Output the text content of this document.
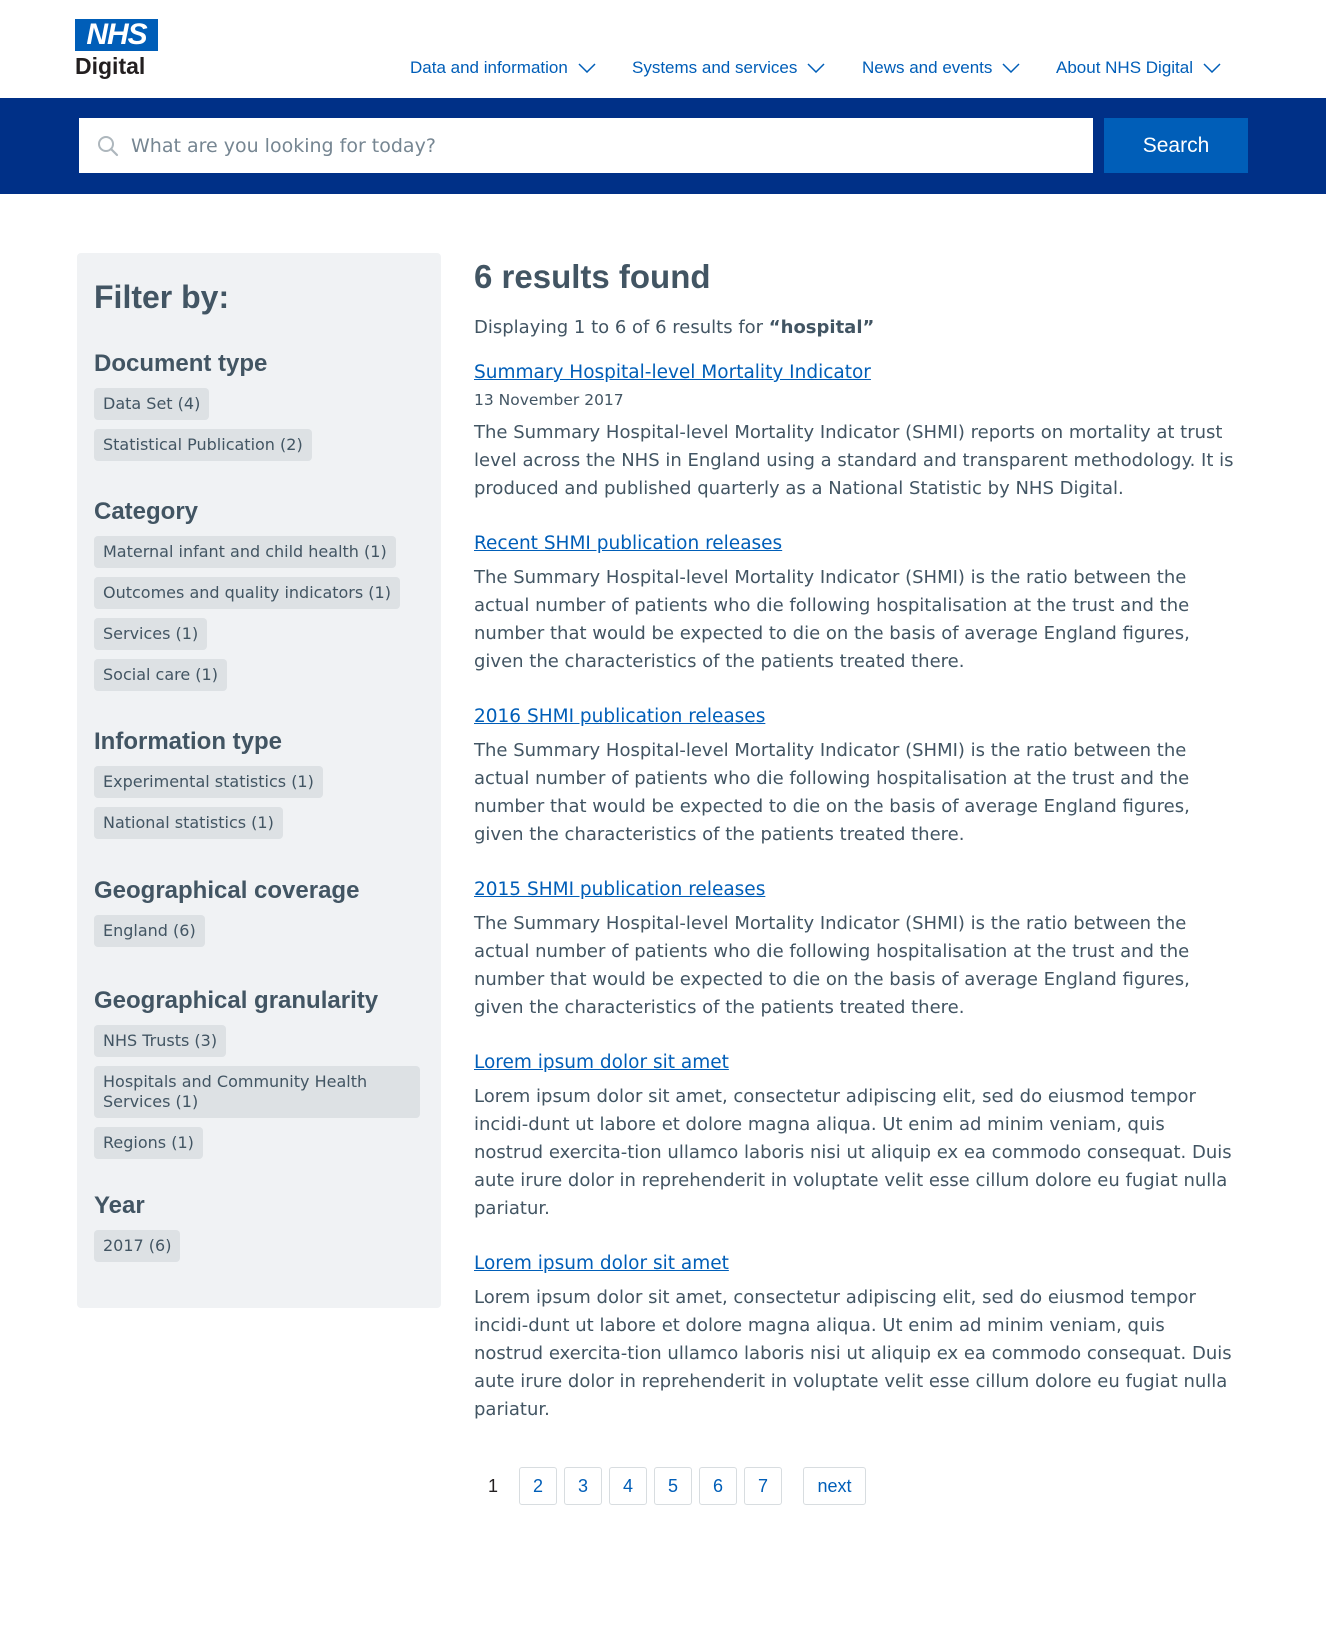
NHS
Digital	Data and information	Systems and services	News and events	About NHS Digital
What are you looking for today?
Search
Filter by:
Document type
Data Set (4)
Statistical Publication (2)
Category
Maternal infant and child health (1)
Outcomes and quality indicators (1)
Services (1)
Social care (1)
Information type
Experimental statistics (1)
National statistics (1)
Geographical coverage
England (6)
Geographical granularity
NHS Trusts (3)
Hospitals and Community Health Services (1)
Regions (1)
Year
2017 (6)
6 results found
Displaying 1 to 6 of 6 results for “hospital”
Summary Hospital-level Mortality Indicator
13 November 2017
The Summary Hospital-level Mortality Indicator (SHMI) reports on mortality at trust level across the NHS in England using a standard and transparent methodology. It is produced and published quarterly as a National Statistic by NHS Digital.
Recent SHMI publication releases
The Summary Hospital-level Mortality Indicator (SHMI) is the ratio between the actual number of patients who die following hospitalisation at the trust and the number that would be expected to die on the basis of average England figures, given the characteristics of the patients treated there.
2016 SHMI publication releases
The Summary Hospital-level Mortality Indicator (SHMI) is the ratio between the actual number of patients who die following hospitalisation at the trust and the number that would be expected to die on the basis of average England figures, given the characteristics of the patients treated there.
2015 SHMI publication releases
The Summary Hospital-level Mortality Indicator (SHMI) is the ratio between the actual number of patients who die following hospitalisation at the trust and the number that would be expected to die on the basis of average England figures, given the characteristics of the patients treated there.
Lorem ipsum dolor sit amet
Lorem ipsum dolor sit amet, consectetur adipiscing elit, sed do eiusmod tempor incidi-dunt ut labore et dolore magna aliqua. Ut enim ad minim veniam, quis nostrud exercita-tion ullamco laboris nisi ut aliquip ex ea commodo consequat. Duis aute irure dolor in reprehenderit in voluptate velit esse cillum dolore eu fugiat nulla pariatur.
Lorem ipsum dolor sit amet
Lorem ipsum dolor sit amet, consectetur adipiscing elit, sed do eiusmod tempor incidi-dunt ut labore et dolore magna aliqua. Ut enim ad minim veniam, quis nostrud exercita-tion ullamco laboris nisi ut aliquip ex ea commodo consequat. Duis aute irure dolor in reprehenderit in voluptate velit esse cillum dolore eu fugiat nulla pariatur.
1	2	3	4	5	6	7	next
